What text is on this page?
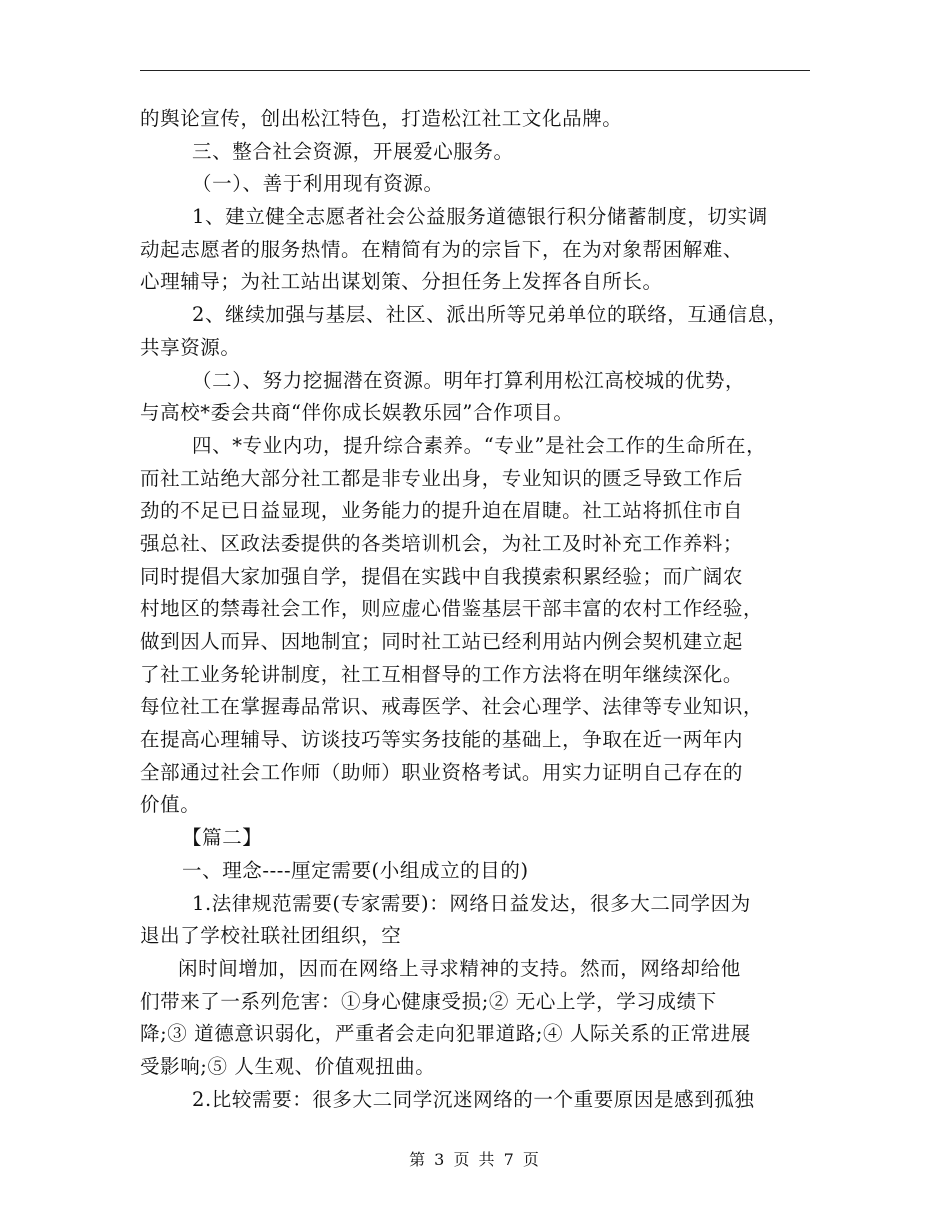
的舆论宣传，创出松江特色，打造松江社工文化品牌。
三、整合社会资源，开展爱心服务。
（一）、善于利用现有资源。
1、建立健全志愿者社会公益服务道德银行积分储蓄制度，切实调
动起志愿者的服务热情。在精简有为的宗旨下，在为对象帮困解难、
心理辅导；为社工站出谋划策、分担任务上发挥各自所长。
2、继续加强与基层、社区、派出所等兄弟单位的联络，互通信息，
共享资源。
（二）、努力挖掘潜在资源。明年打算利用松江高校城的优势，
与高校*委会共商“伴你成长娱教乐园”合作项目。
四、*专业内功，提升综合素养。“专业”是社会工作的生命所在，
而社工站绝大部分社工都是非专业出身，专业知识的匮乏导致工作后
劲的不足已日益显现，业务能力的提升迫在眉睫。社工站将抓住市自
强总社、区政法委提供的各类培训机会，为社工及时补充工作养料；
同时提倡大家加强自学，提倡在实践中自我摸索积累经验；而广阔农
村地区的禁毒社会工作，则应虚心借鉴基层干部丰富的农村工作经验，
做到因人而异、因地制宜；同时社工站已经利用站内例会契机建立起
了社工业务轮讲制度，社工互相督导的工作方法将在明年继续深化。
每位社工在掌握毒品常识、戒毒医学、社会心理学、法律等专业知识，
在提高心理辅导、访谈技巧等实务技能的基础上，争取在近一两年内
全部通过社会工作师（助师）职业资格考试。用实力证明自己存在的
价值。
【篇二】
一、理念----厘定需要(小组成立的目的)
1.法律规范需要(专家需要)：网络日益发达，很多大二同学因为
退出了学校社联社团组织，空
闲时间增加，因而在网络上寻求精神的支持。然而，网络却给他
们带来了一系列危害：①身心健康受损;② 无心上学，学习成绩下
降;③ 道德意识弱化，严重者会走向犯罪道路;④ 人际关系的正常进展
受影响;⑤ 人生观、价值观扭曲。
2.比较需要：很多大二同学沉迷网络的一个重要原因是感到孤独
第 3 页 共 7 页
